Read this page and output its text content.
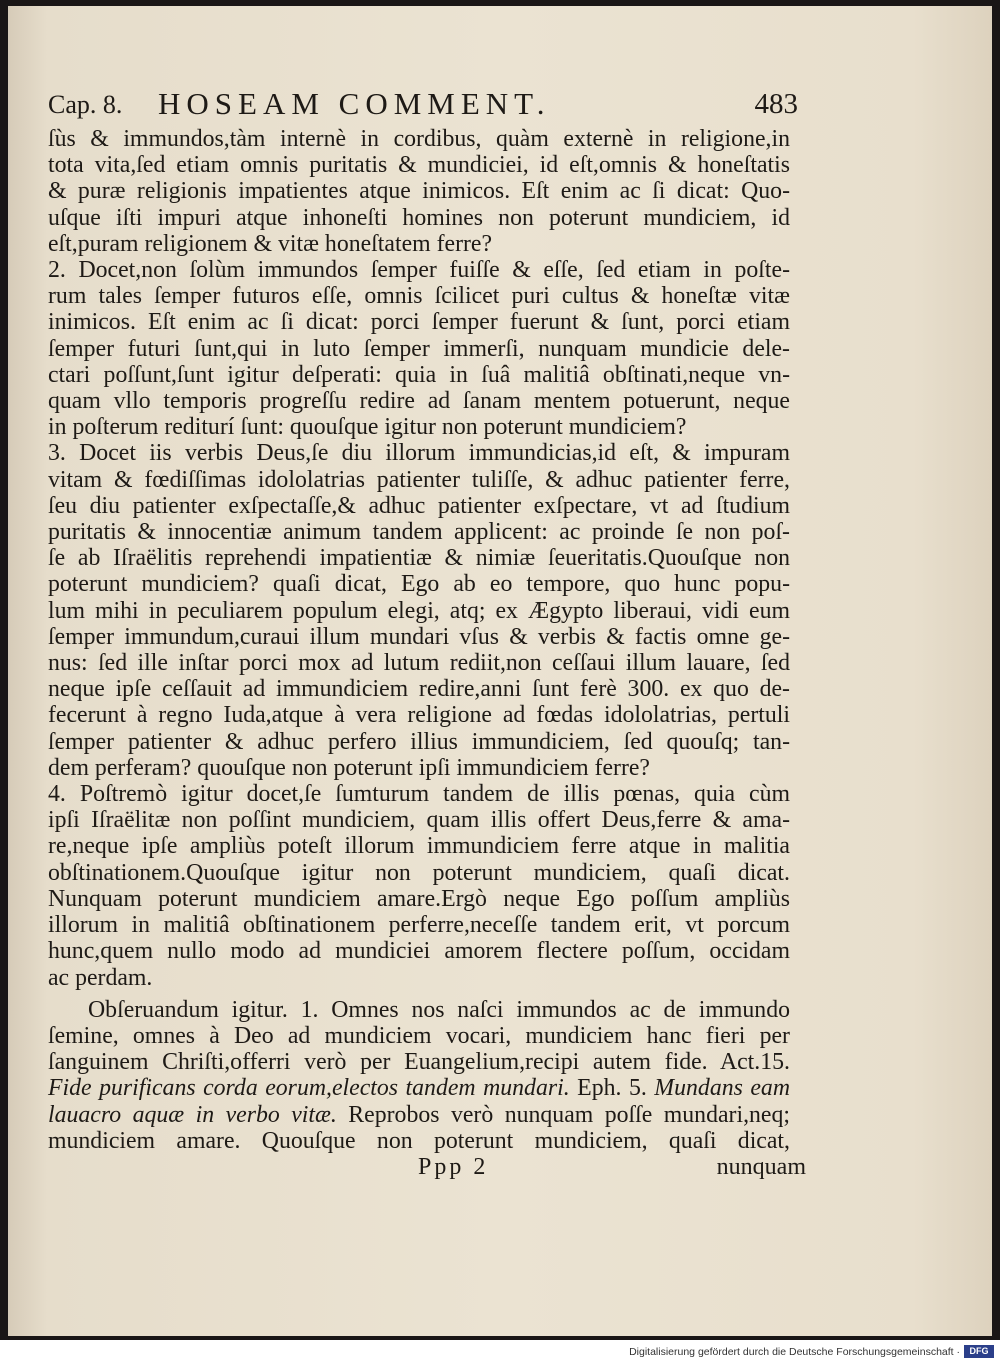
Cap. 8. HOSEAM COMMENT.	483
ſùs & immundos,tàm internè in cordibus, quàm externè in religione,in
tota vita,ſed etiam omnis puritatis & mundiciei, id eſt,omnis & honeſtatis
& puræ religionis impatientes atque inimicos. Eſt enim ac ſi dicat: Quo-
uſque iſti impuri atque inhoneſti homines non poterunt mundiciem, id
eſt,puram religionem & vitæ honeſtatem ferre?
2. Docet,non ſolùm immundos ſemper fuiſſe & eſſe, ſed etiam in poſte-
rum tales ſemper futuros eſſe, omnis ſcilicet puri cultus & honeſtæ vitæ
inimicos. Eſt enim ac ſi dicat: porci ſemper fuerunt & ſunt, porci etiam
ſemper futuri ſunt,qui in luto ſemper immerſi, nunquam mundicie dele-
ctari poſſunt,ſunt igitur deſperati: quia in ſuâ malitiâ obſtinati,neque vn-
quam vllo temporis progreſſu redire ad ſanam mentem potuerunt, neque
in poſterum rediturí ſunt: quouſque igitur non poterunt mundiciem?
3. Docet iis verbis Deus,ſe diu illorum immundicias,id eſt, & impuram
vitam & fœdiſſimas idololatrias patienter tuliſſe, & adhuc patienter ferre,
ſeu diu patienter exſpectaſſe,& adhuc patienter exſpectare, vt ad ſtudium
puritatis & innocentiæ animum tandem applicent: ac proinde ſe non poſ-
ſe ab Iſraëlitis reprehendi impatientiæ & nimiæ ſeueritatis.Quouſque non
poterunt mundiciem? quaſi dicat, Ego ab eo tempore, quo hunc popu-
lum mihi in peculiarem populum elegi, atq; ex Ægypto liberaui, vidi eum
ſemper immundum,curaui illum mundari vſus & verbis & factis omne ge-
nus: ſed ille inſtar porci mox ad lutum rediit,non ceſſaui illum lauare, ſed
neque ipſe ceſſauit ad immundiciem redire,anni ſunt ferè 300. ex quo de-
fecerunt à regno Iuda,atque à vera religione ad fœdas idololatrias, pertuli
ſemper patienter & adhuc perfero illius immundiciem, ſed quouſq; tan-
dem perferam? quouſque non poterunt ipſi immundiciem ferre?
4. Poſtremò igitur docet,ſe ſumturum tandem de illis pœnas, quia cùm
ipſi Iſraëlitæ non poſſint mundiciem, quam illis offert Deus,ferre & ama-
re,neque ipſe ampliùs poteſt illorum immundiciem ferre atque in malitia
obſtinationem.Quouſque igitur non poterunt mundiciem, quaſi dicat.
Nunquam poterunt mundiciem amare.Ergò neque Ego poſſum ampliùs
illorum in malitiâ obſtinationem perferre,neceſſe tandem erit, vt porcum
hunc,quem nullo modo ad mundiciei amorem flectere poſſum, occidam
ac perdam.
Obſeruandum igitur. 1. Omnes nos naſci immundos ac de immundo
ſemine, omnes à Deo ad mundiciem vocari, mundiciem hanc fieri per
ſanguinem Chriſti,offerri verò per Euangelium,recipi autem fide. Act.15.
Fide purificans corda eorum,electos tandem mundari. Eph. 5. Mundans eam
lauacro aquæ in verbo vitæ. Reprobos verò nunquam poſſe mundari,neq;
mundiciem amare. Quouſque non poterunt mundiciem, quaſi dicat,
Ppp 2	nunquam
Digitalisierung gefördert durch die Deutsche Forschungsgemeinschaft ·	DFG
